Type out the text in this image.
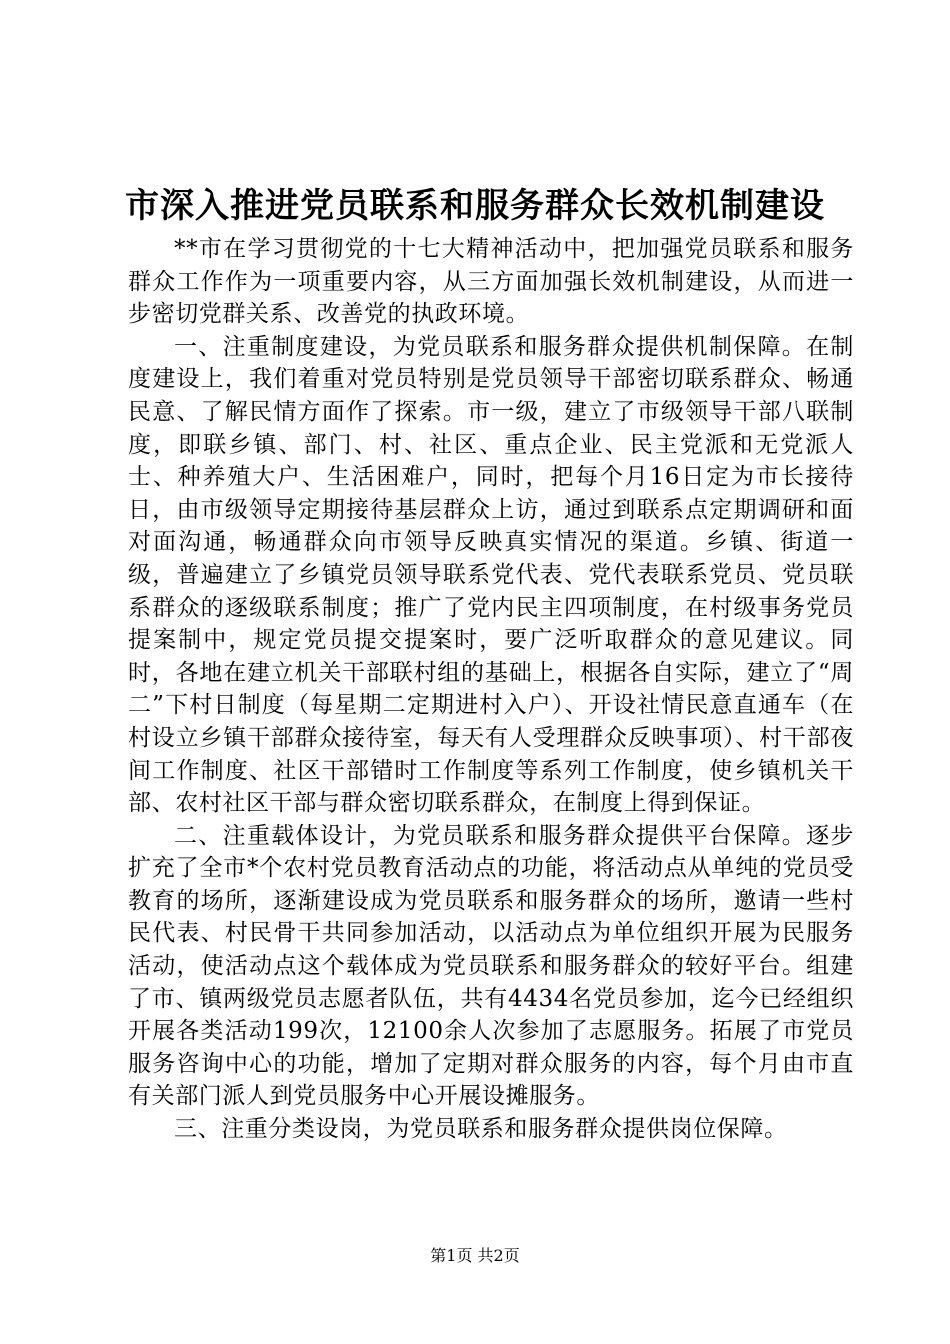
市深入推进党员联系和服务群众长效机制建设

**市在学习贯彻党的十七大精神活动中，把加强党员联系和服务群众工作作为一项重要内容，从三方面加强长效机制建设，从而进一步密切党群关系、改善党的执政环境。

一、注重制度建设，为党员联系和服务群众提供机制保障。在制度建设上，我们着重对党员特别是党员领导干部密切联系群众、畅通民意、了解民情方面作了探索。市一级，建立了市级领导干部八联制度，即联乡镇、部门、村、社区、重点企业、民主党派和无党派人士、种养殖大户、生活困难户，同时，把每个月16日定为市长接待日，由市级领导定期接待基层群众上访，通过到联系点定期调研和面对面沟通，畅通群众向市领导反映真实情况的渠道。乡镇、街道一级，普遍建立了乡镇党员领导联系党代表、党代表联系党员、党员联系群众的逐级联系制度；推广了党内民主四项制度，在村级事务党员提案制中，规定党员提交提案时，要广泛听取群众的意见建议。同时，各地在建立机关干部联村组的基础上，根据各自实际，建立了“周二”下村日制度（每星期二定期进村入户）、开设社情民意直通车（在村设立乡镇干部群众接待室，每天有人受理群众反映事项）、村干部夜间工作制度、社区干部错时工作制度等系列工作制度，使乡镇机关干部、农村社区干部与群众密切联系群众，在制度上得到保证。

二、注重载体设计，为党员联系和服务群众提供平台保障。逐步扩充了全市*个农村党员教育活动点的功能，将活动点从单纯的党员受教育的场所，逐渐建设成为党员联系和服务群众的场所，邀请一些村民代表、村民骨干共同参加活动，以活动点为单位组织开展为民服务活动，使活动点这个载体成为党员联系和服务群众的较好平台。组建了市、镇两级党员志愿者队伍，共有4434名党员参加，迄今已经组织开展各类活动199次，12100余人次参加了志愿服务。拓展了市党员服务咨询中心的功能，增加了定期对群众服务的内容，每个月由市直有关部门派人到党员服务中心开展设摊服务。

三、注重分类设岗，为党员联系和服务群众提供岗位保障。

第1页 共2页
